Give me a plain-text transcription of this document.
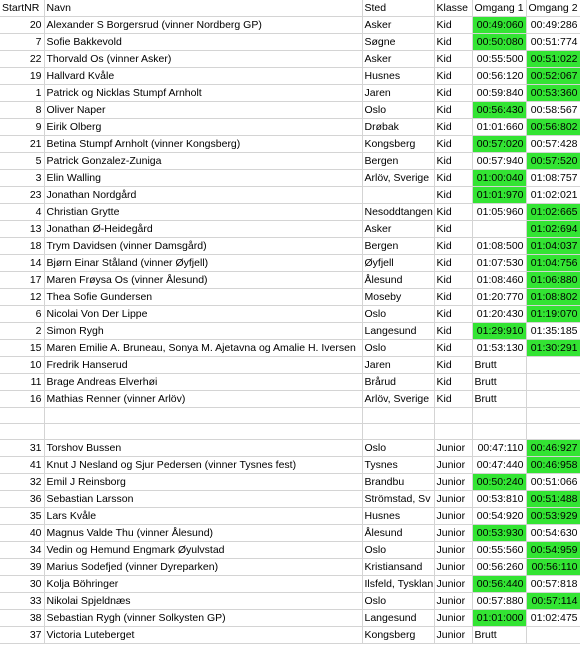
StartNR	Navn	Sted	Klasse	Omgang 1	Omgang 2
20	Alexander S Borgersrud (vinner Nordberg GP)	Asker	Kid	00:49:060	00:49:286
7	Sofie Bakkevold	Søgne	Kid	00:50:080	00:51:774
22	Thorvald Os (vinner Asker)	Asker	Kid	00:55:500	00:51:022
19	Hallvard Kvåle	Husnes	Kid	00:56:120	00:52:067
1	Patrick og Nicklas Stumpf Arnholt	Jaren	Kid	00:59:840	00:53:360
8	Oliver Naper	Oslo	Kid	00:56:430	00:58:567
9	Eirik Olberg	Drøbak	Kid	01:01:660	00:56:802
21	Betina Stumpf Arnholt (vinner Kongsberg)	Kongsberg	Kid	00:57:020	00:57:428
5	Patrick Gonzalez-Zuniga	Bergen	Kid	00:57:940	00:57:520
3	Elin Walling	Arlöv, Sverige	Kid	01:00:040	01:08:757
23	Jonathan Nordgård		Kid	01:01:970	01:02:021
4	Christian Grytte	Nesoddtangen	Kid	01:05:960	01:02:665
13	Jonathan Ø-Heidegård	Asker	Kid		01:02:694
18	Trym Davidsen (vinner Damsgård)	Bergen	Kid	01:08:500	01:04:037
14	Bjørn Einar Ståland (vinner Øyfjell)	Øyfjell	Kid	01:07:530	01:04:756
17	Maren Frøysa Os (vinner Ålesund)	Ålesund	Kid	01:08:460	01:06:880
12	Thea Sofie Gundersen	Moseby	Kid	01:20:770	01:08:802
6	Nicolai Von Der Lippe	Oslo	Kid	01:20:430	01:19:070
2	Simon Rygh	Langesund	Kid	01:29:910	01:35:185
15	Maren Emilie A. Bruneau, Sonya M. Ajetavna og Amalie H. Iversen	Oslo	Kid	01:53:130	01:30:291
10	Fredrik Hanserud	Jaren	Kid	Brutt	
11	Brage Andreas Elverhøi	Brårud	Kid	Brutt	
16	Mathias Renner (vinner Arlöv)	Arlöv, Sverige	Kid	Brutt	

31	Torshov Bussen	Oslo	Junior	00:47:110	00:46:927
41	Knut J Nesland og Sjur Pedersen (vinner Tysnes fest)	Tysnes	Junior	00:47:440	00:46:958
32	Emil J Reinsborg	Brandbu	Junior	00:50:240	00:51:066
36	Sebastian Larsson	Strömstad, Sv	Junior	00:53:810	00:51:488
35	Lars Kvåle	Husnes	Junior	00:54:920	00:53:929
40	Magnus Valde Thu (vinner Ålesund)	Ålesund	Junior	00:53:930	00:54:630
34	Vedin og Hemund Engmark Øyulvstad	Oslo	Junior	00:55:560	00:54:959
39	Marius Sodefjed (vinner Dyreparken)	Kristiansand	Junior	00:56:260	00:56:110
30	Kolja Böhringer	Ilsfeld, Tysklan	Junior	00:56:440	00:57:818
33	Nikolai Spjeldnæs	Oslo	Junior	00:57:880	00:57:114
38	Sebastian Rygh (vinner Solkysten GP)	Langesund	Junior	01:01:000	01:02:475
37	Victoria Luteberget	Kongsberg	Junior	Brutt	
